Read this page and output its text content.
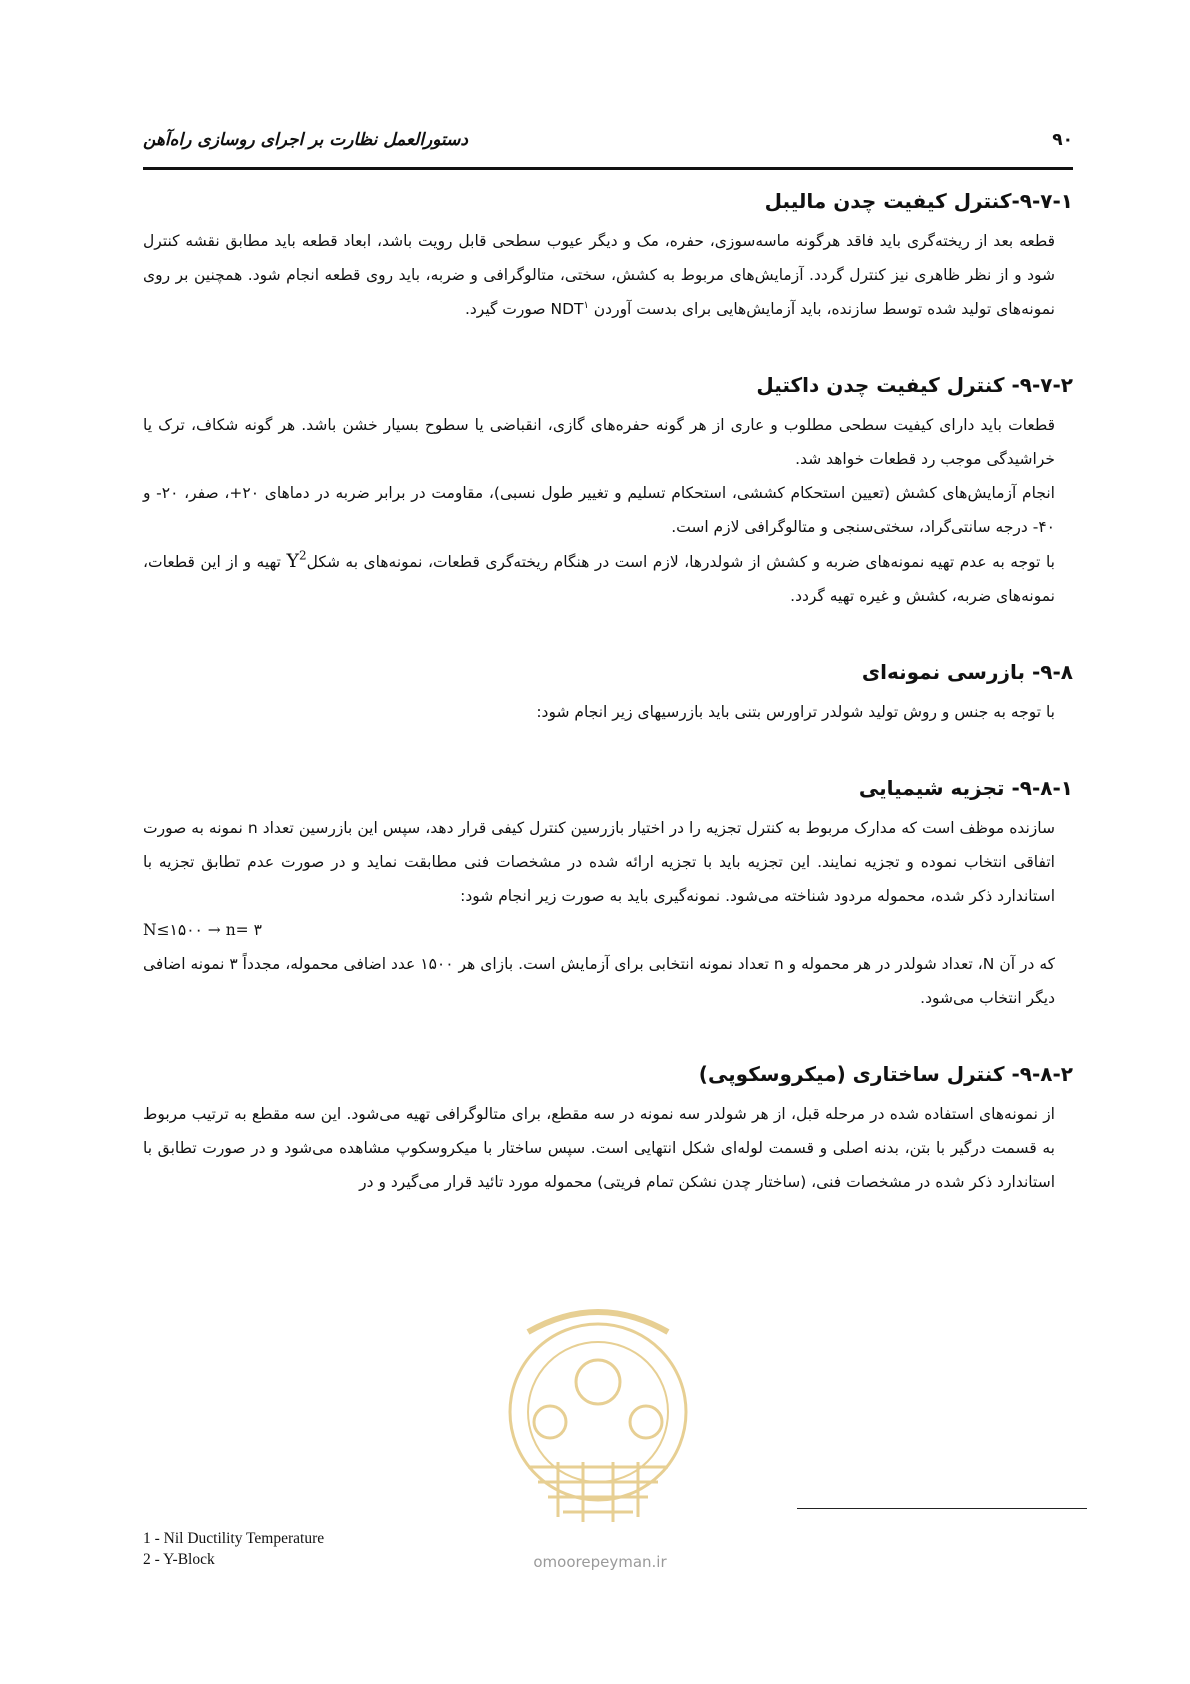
دستورالعمل نظارت بر اجرای روسازی راه‌آهن	۹۰
۹-۷-۱-کنترل کیفیت چدن مالیبل

قطعه بعد از ریخته‌گری باید فاقد هرگونه ماسه‌سوزی، حفره، مک و دیگر عیوب سطحی قابل رویت باشد، ابعاد قطعه باید مطابق نقشه کنترل شود و از نظر ظاهری نیز کنترل گردد. آزمایش‌های مربوط به کشش، سختی، متالوگرافی و ضربه، باید روی قطعه انجام شود. همچنین بر روی نمونه‌های تولید شده توسط سازنده، باید آزمایش‌هایی برای بدست آوردن NDT$^۱$ صورت گیرد.

۹-۷-۲- کنترل کیفیت چدن داکتیل

قطعات باید دارای کیفیت سطحی مطلوب و عاری از هر گونه حفره‌های گازی، انقباضی یا سطوح بسیار خشن باشد. هر گونه شکاف، ترک یا خراشیدگی موجب رد قطعات خواهد شد.

انجام آزمایش‌های کشش (تعیین استحکام کششی، استحکام تسلیم و تغییر طول نسبی)، مقاومت در برابر ضربه در دماهای ۲۰+، صفر، ۲۰- و ۴۰- درجه سانتی‌گراد، سختی‌سنجی و متالوگرافی لازم است.

با توجه به عدم تهیه نمونه‌های ضربه و کشش از شولدرها، لازم است در هنگام ریخته‌گری قطعات، نمونه‌های به شکلY$^2$ تهیه و از این قطعات، نمونه‌های ضربه، کشش و غیره تهیه گردد.

۹-۸- بازرسی نمونه‌ای

با توجه به جنس و روش تولید شولدر تراورس بتنی باید بازرسیهای زیر انجام شود:

۹-۸-۱- تجزیه شیمیایی

سازنده موظف است که مدارک مربوط به کنترل تجزیه را در اختیار بازرسین کنترل کیفی قرار دهد، سپس این بازرسین تعداد n نمونه به صورت اتفاقی انتخاب نموده و تجزیه نمایند. این تجزیه باید با تجزیه ارائه شده در مشخصات فنی مطابقت نماید و در صورت عدم تطابق تجزیه با استاندارد ذکر شده، محموله مردود شناخته می‌شود. نمونه‌گیری باید به صورت زیر انجام شود:

N≤۱۵۰۰ → n= ۳

که در آن N، تعداد شولدر در هر محموله و n تعداد نمونه انتخابی برای آزمایش است. بازای هر ۱۵۰۰ عدد اضافی محموله، مجدداً ۳ نمونه اضافی دیگر انتخاب می‌شود.

۹-۸-۲- کنترل ساختاری (میکروسکوپی)

از نمونه‌های استفاده شده در مرحله قبل، از هر شولدر سه نمونه در سه مقطع، برای متالوگرافی تهیه می‌شود. این سه مقطع به ترتیب مربوط به قسمت درگیر با بتن، بدنه اصلی و قسمت لوله‌ای شکل انتهایی است. سپس ساختار با میکروسکوپ مشاهده می‌شود و در صورت تطابق با استاندارد ذکر شده در مشخصات فنی، (ساختار چدن نشکن تمام فریتی) محموله مورد تائید قرار می‌گیرد و در

omoorepeyman.ir
1 - Nil Ductility Temperature
2 - Y-Block
